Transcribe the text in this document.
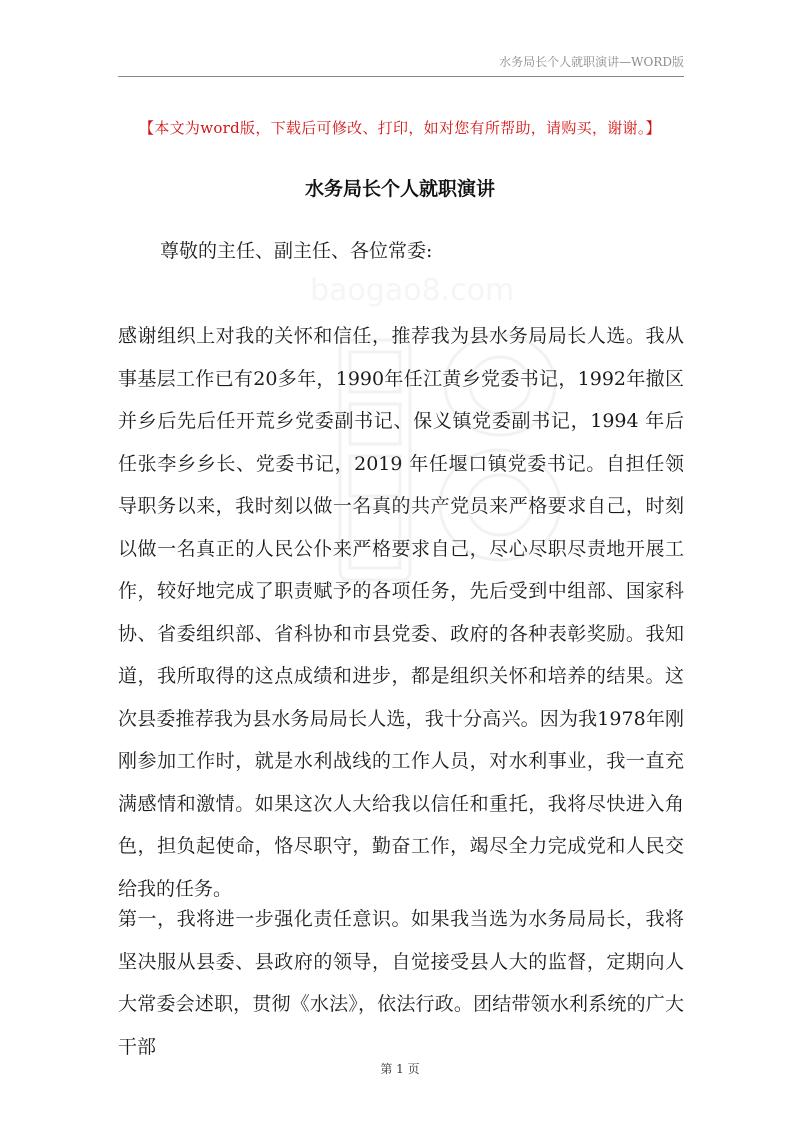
水务局长个人就职演讲—WORD版
【本文为word版，下载后可修改、打印，如对您有所帮助，请购买，谢谢。】
水务局长个人就职演讲
尊敬的主任、副主任、各位常委:

感谢组织上对我的关怀和信任，推荐我为县水务局局长人选。我从事基层工作已有20多年，1990年任江黄乡党委书记，1992年撤区并乡后先后任开荒乡党委副书记、保义镇党委副书记，1994 年后任张李乡乡长、党委书记，2019 年任堰口镇党委书记。自担任领导职务以来，我时刻以做一名真的共产党员来严格要求自己，时刻以做一名真正的人民公仆来严格要求自己，尽心尽职尽责地开展工作，较好地完成了职责赋予的各项任务，先后受到中组部、国家科协、省委组织部、省科协和市县党委、政府的各种表彰奖励。我知道，我所取得的这点成绩和进步，都是组织关怀和培养的结果。这次县委推荐我为县水务局局长人选，我十分高兴。因为我1978年刚刚参加工作时，就是水利战线的工作人员，对水利事业，我一直充满感情和激情。如果这次人大给我以信任和重托，我将尽快进入角色，担负起使命，恪尽职守，勤奋工作，竭尽全力完成党和人民交给我的任务。

第一，我将进一步强化责任意识。如果我当选为水务局局长，我将坚决服从县委、县政府的领导，自觉接受县人大的监督，定期向人大常委会述职，贯彻《水法》，依法行政。团结带领水利系统的广大干部

baogao8.com
第 1 页
